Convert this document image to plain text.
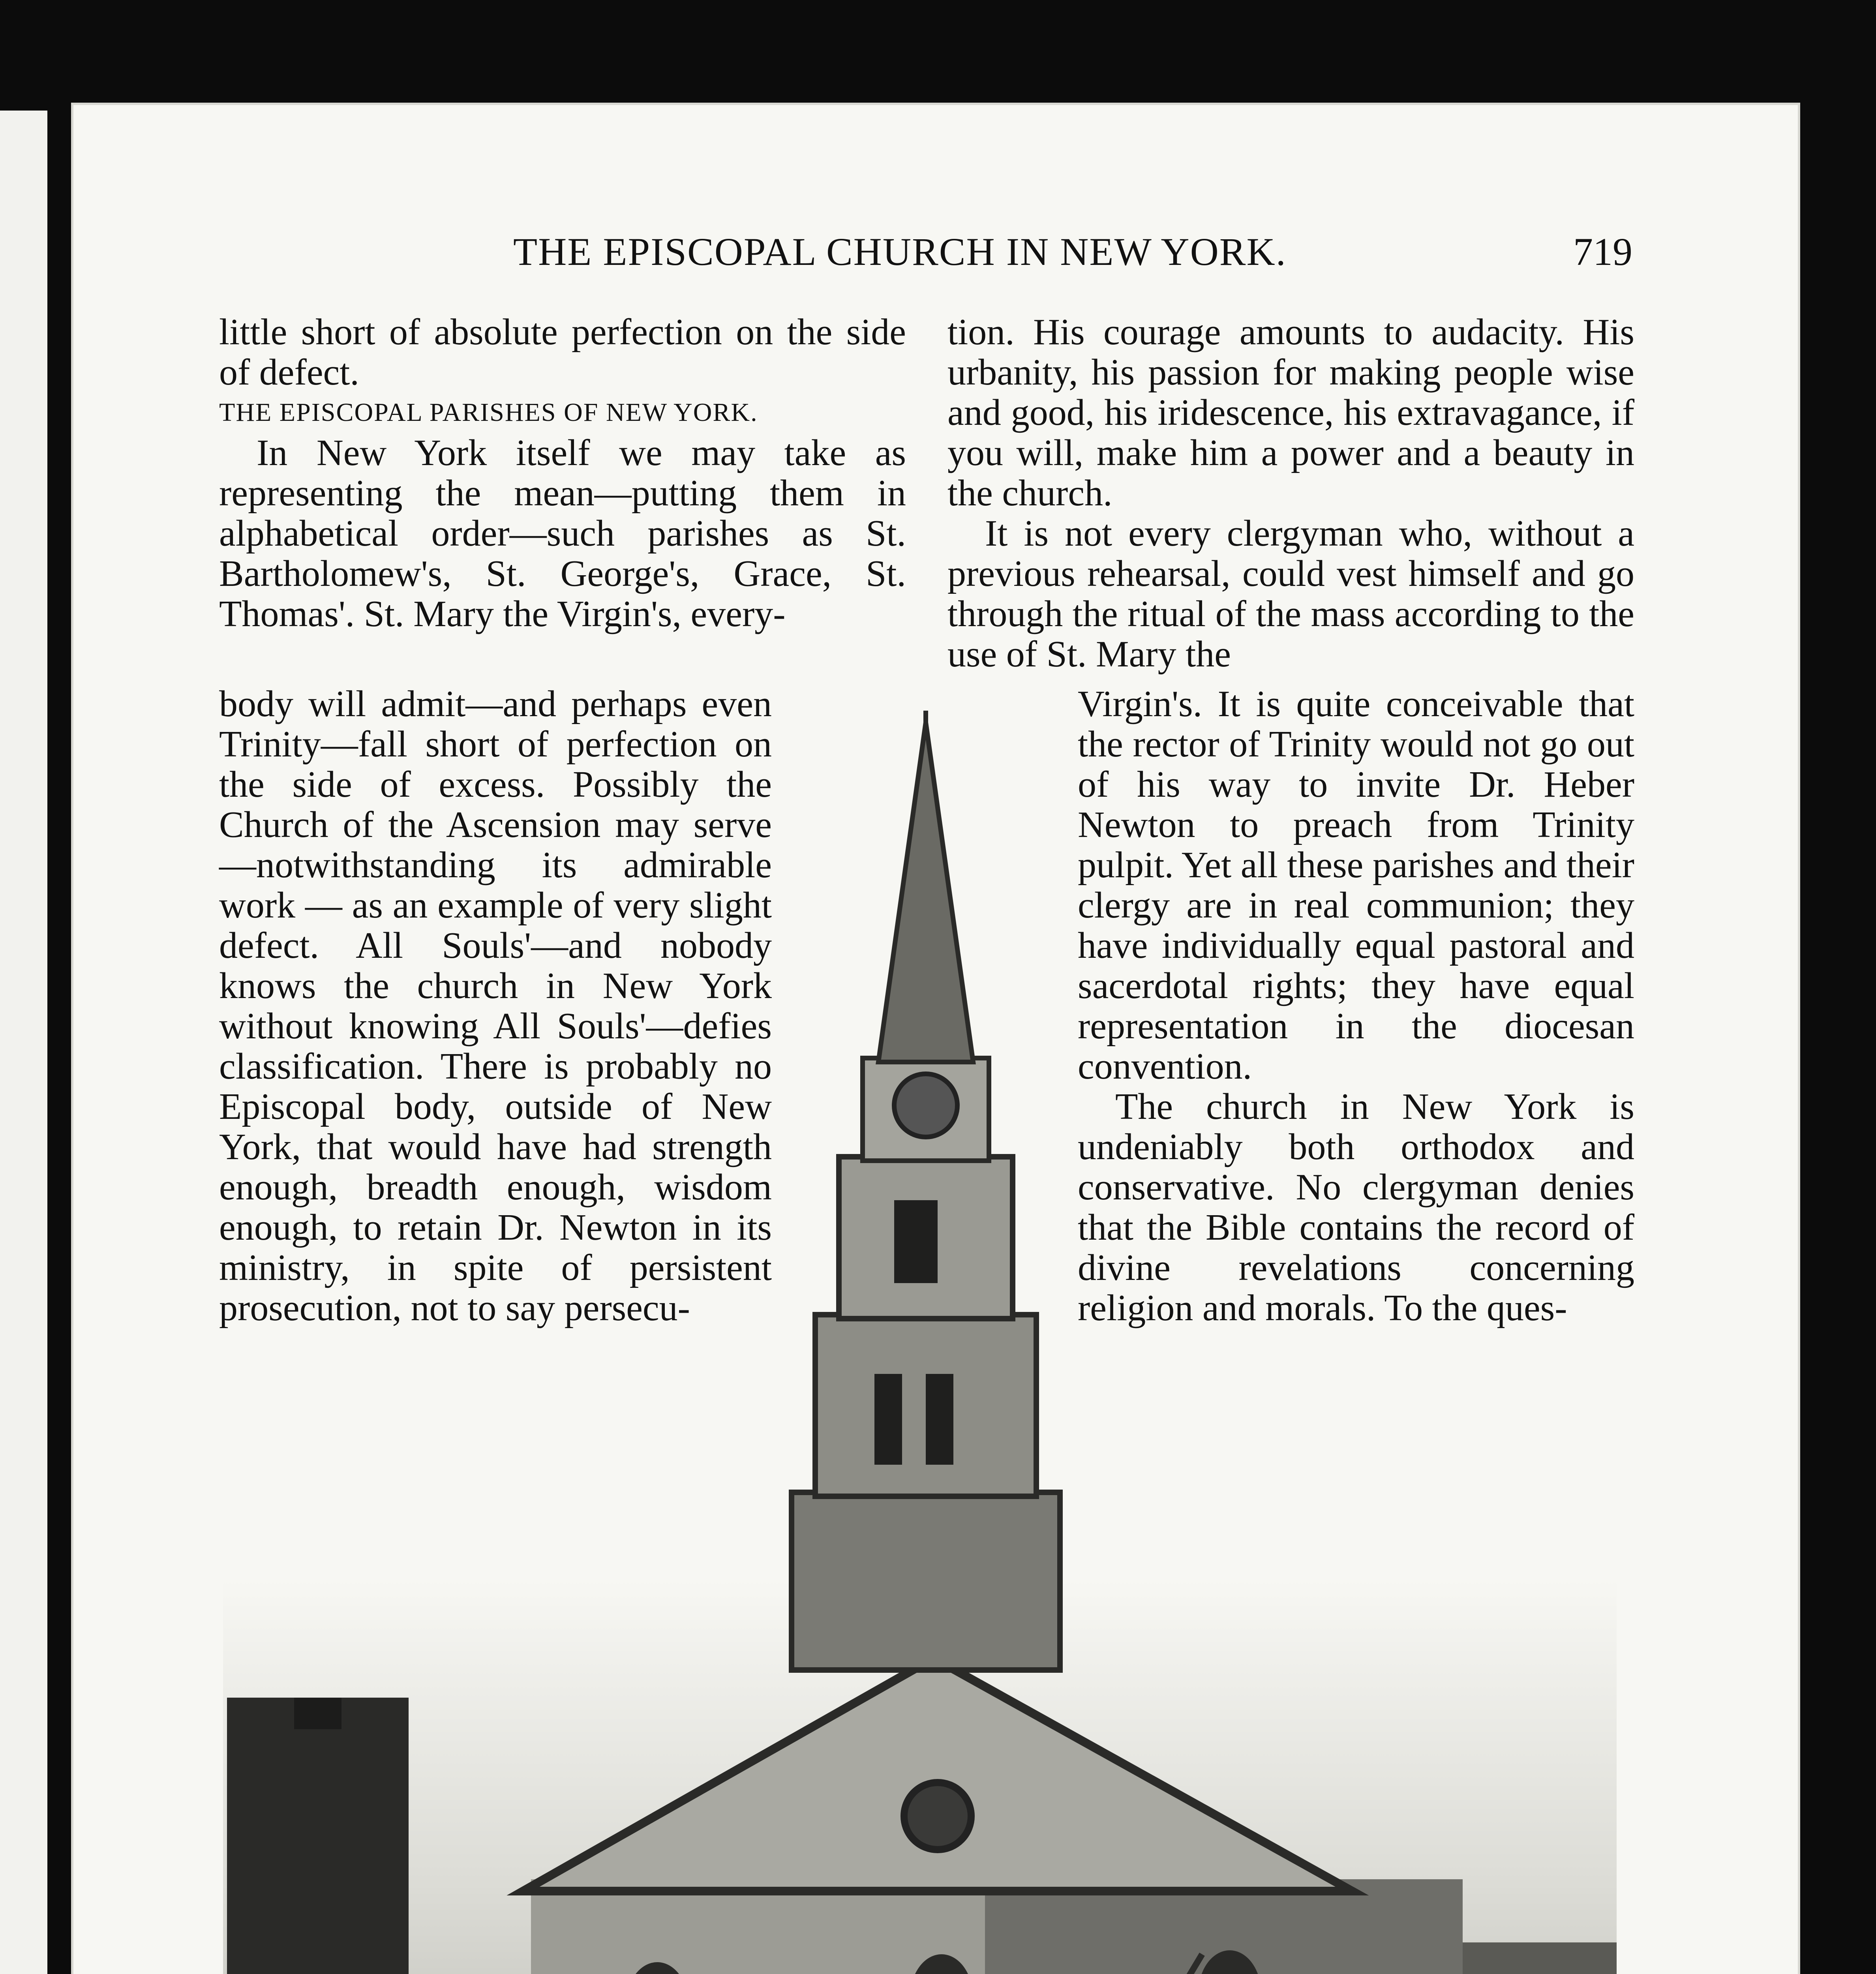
THE EPISCOPAL CHURCH IN NEW YORK.	719

little short of absolute perfection on the side of defect.

THE EPISCOPAL PARISHES OF NEW YORK.

In New York itself we may take as representing the mean—putting them in alphabetical order—such parishes as St. Bartholomew's, St. George's, Grace, St. Thomas'. St. Mary the Virgin's, every-

body will admit—and perhaps even Trinity—fall short of perfection on the side of excess. Possibly the Church of the Ascension may serve—notwithstanding its admirable work — as an example of very slight defect. All Souls'—and nobody knows the church in New York without knowing All Souls'—defies classification. There is probably no Episcopal body, outside of New York, that would have had strength enough, breadth enough, wisdom enough, to retain Dr. Newton in its ministry, in spite of persistent prosecution, not to say persecu-

tion. His courage amounts to audacity. His urbanity, his passion for making people wise and good, his iridescence, his extravagance, if you will, make him a power and a beauty in the church.

It is not every clergyman who, without a previous rehearsal, could vest himself and go through the ritual of the mass according to the use of St. Mary the

Virgin's. It is quite conceivable that the rector of Trinity would not go out of his way to invite Dr. Heber Newton to preach from Trinity pulpit. Yet all these parishes and their clergy are in real communion; they have individually equal pastoral and sacerdotal rights; they have equal representation in the diocesan convention.

The church in New York is undeniably both orthodox and conservative. No clergyman denies that the Bible contains the record of divine revelations concerning religion and morals. To the ques-
